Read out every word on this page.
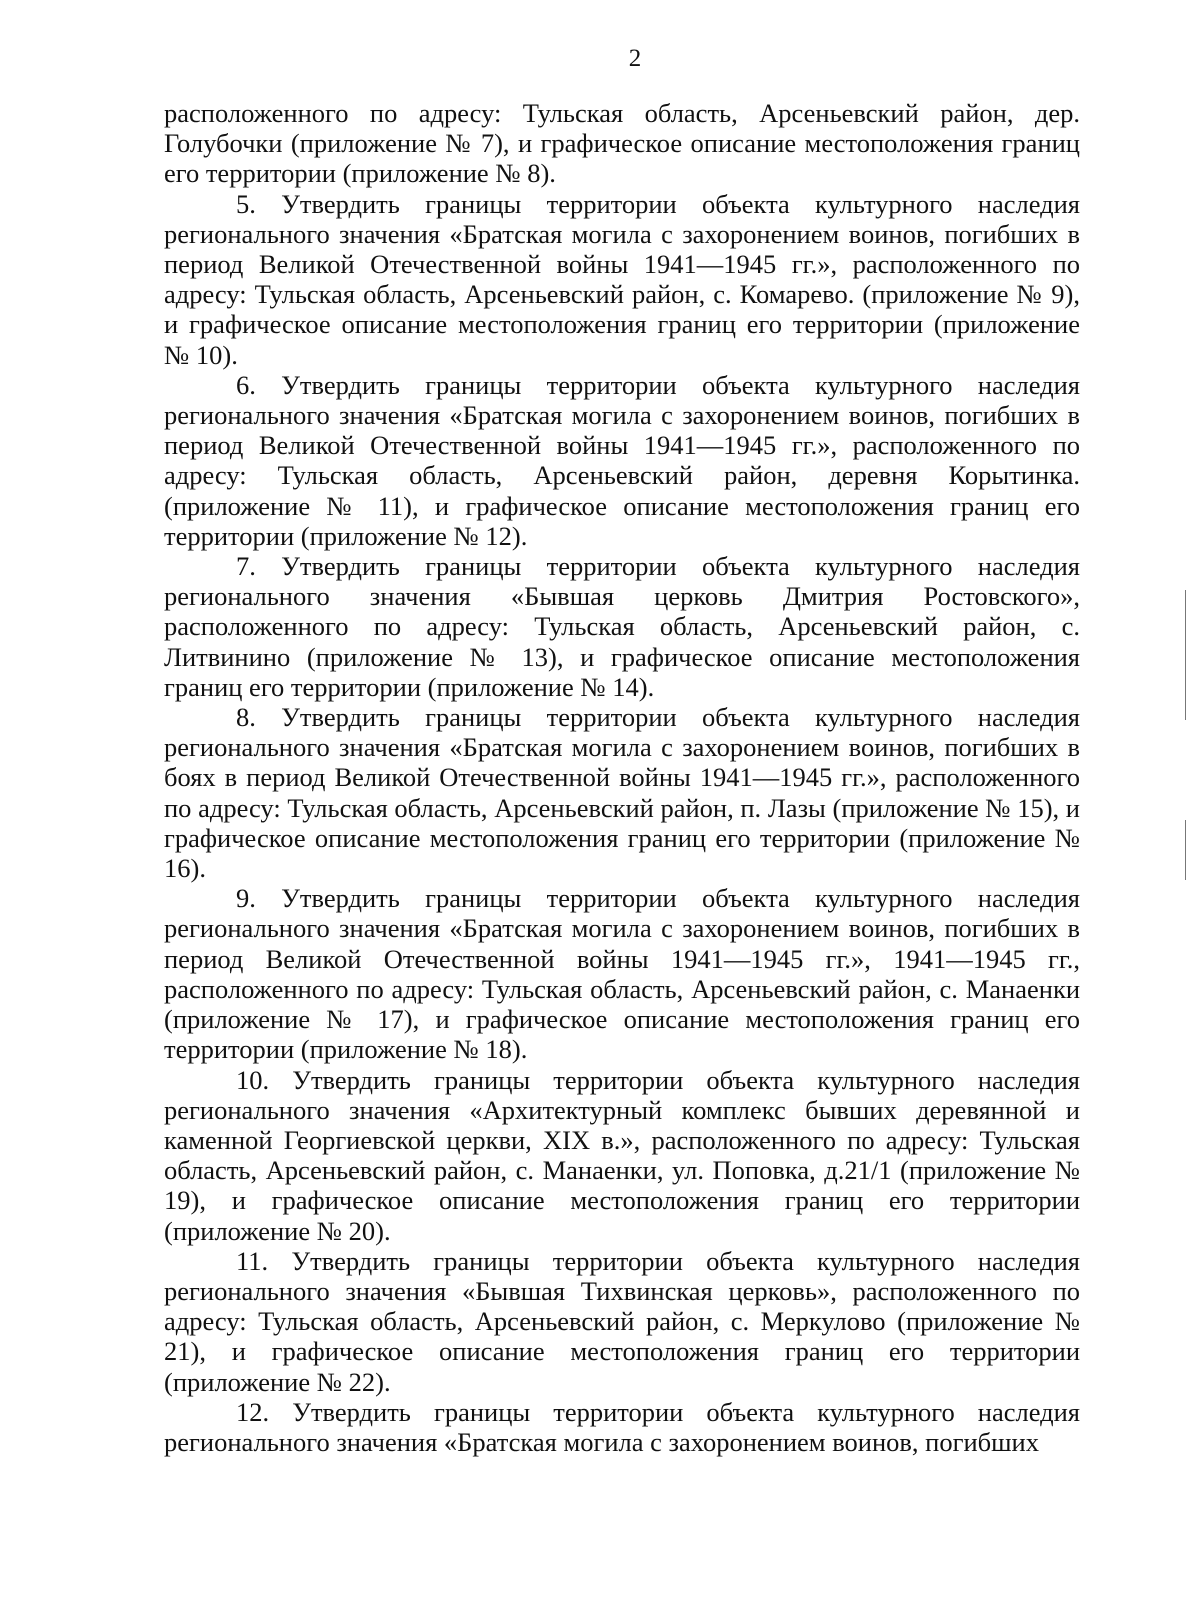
2

расположенного по адресу: Тульская область, Арсеньевский район, дер. Голубочки (приложение № 7), и графическое описание местоположения границ его территории (приложение № 8).

5. Утвердить границы территории объекта культурного наследия регионального значения «Братская могила с захоронением воинов, погибших в период Великой Отечественной войны 1941—1945 гг.», расположенного по адресу: Тульская область, Арсеньевский район, с. Комарево. (приложение № 9), и графическое описание местоположения границ его территории (приложение № 10).

6. Утвердить границы территории объекта культурного наследия регионального значения «Братская могила с захоронением воинов, погибших в период Великой Отечественной войны 1941—1945 гг.», расположенного по адресу: Тульская область, Арсеньевский район, деревня Корытинка. (приложение № 11), и графическое описание местоположения границ его территории (приложение № 12).

7. Утвердить границы территории объекта культурного наследия регионального значения «Бывшая церковь Дмитрия Ростовского», расположенного по адресу: Тульская область, Арсеньевский район, с. Литвинино (приложение № 13), и графическое описание местоположения границ его территории (приложение № 14).

8. Утвердить границы территории объекта культурного наследия регионального значения «Братская могила с захоронением воинов, погибших в боях в период Великой Отечественной войны 1941—1945 гг.», расположенного по адресу: Тульская область, Арсеньевский район, п. Лазы (приложение № 15), и графическое описание местоположения границ его территории (приложение № 16).

9. Утвердить границы территории объекта культурного наследия регионального значения «Братская могила с захоронением воинов, погибших в период Великой Отечественной войны 1941—1945 гг.», 1941—1945 гг., расположенного по адресу: Тульская область, Арсеньевский район, с. Манаенки (приложение № 17), и графическое описание местоположения границ его территории (приложение № 18).

10. Утвердить границы территории объекта культурного наследия регионального значения «Архитектурный комплекс бывших деревянной и каменной Георгиевской церкви, XIX в.», расположенного по адресу: Тульская область, Арсеньевский район, с. Манаенки, ул. Поповка, д.21/1 (приложение № 19), и графическое описание местоположения границ его территории (приложение № 20).

11. Утвердить границы территории объекта культурного наследия регионального значения «Бывшая Тихвинская церковь», расположенного по адресу: Тульская область, Арсеньевский район, с. Меркулово (приложение № 21), и графическое описание местоположения границ его территории (приложение № 22).

12. Утвердить границы территории объекта культурного наследия регионального значения «Братская могила с захоронением воинов, погибших
